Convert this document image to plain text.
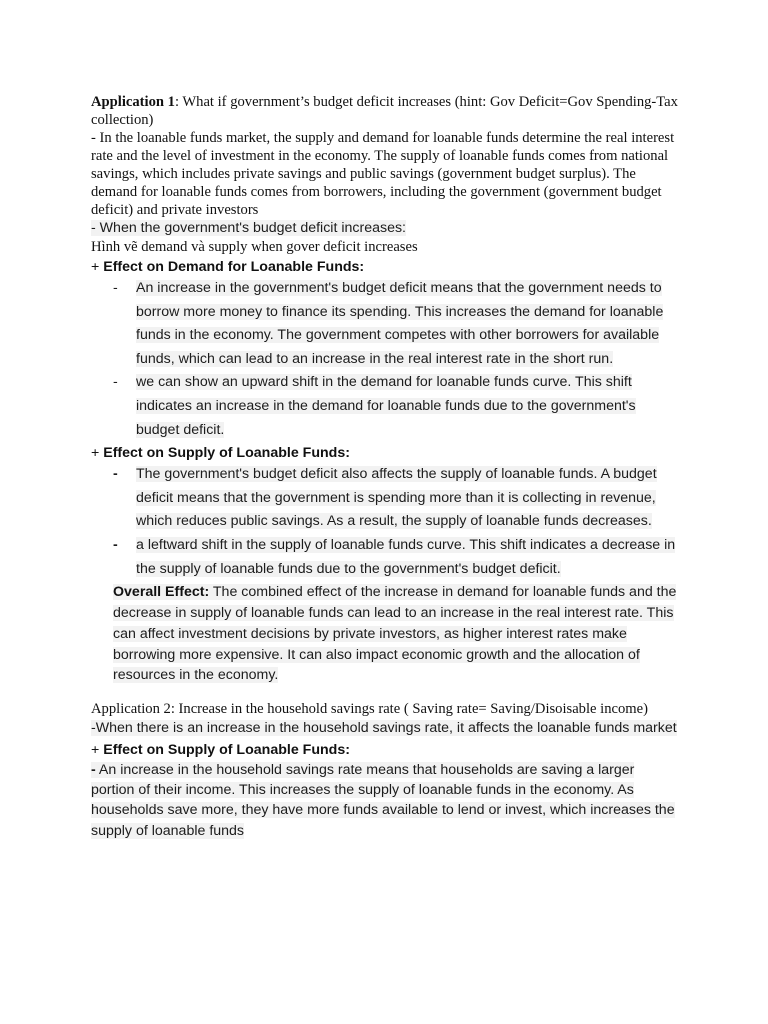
Application 1: What if government’s budget deficit increases (hint: Gov Deficit=Gov Spending-Tax collection)

- In the loanable funds market, the supply and demand for loanable funds determine the real interest rate and the level of investment in the economy. The supply of loanable funds comes from national savings, which includes private savings and public savings (government budget surplus). The demand for loanable funds comes from borrowers, including the government (government budget deficit) and private investors

- When the government's budget deficit increases:

Hình vẽ demand và supply when gover deficit increases

+ Effect on Demand for Loanable Funds:

- An increase in the government's budget deficit means that the government needs to borrow more money to finance its spending. This increases the demand for loanable funds in the economy. The government competes with other borrowers for available funds, which can lead to an increase in the real interest rate in the short run.
- we can show an upward shift in the demand for loanable funds curve. This shift indicates an increase in the demand for loanable funds due to the government's budget deficit.

+ Effect on Supply of Loanable Funds:

- The government's budget deficit also affects the supply of loanable funds. A budget deficit means that the government is spending more than it is collecting in revenue, which reduces public savings. As a result, the supply of loanable funds decreases.
- a leftward shift in the supply of loanable funds curve. This shift indicates a decrease in the supply of loanable funds due to the government's budget deficit.

Overall Effect: The combined effect of the increase in demand for loanable funds and the decrease in supply of loanable funds can lead to an increase in the real interest rate. This can affect investment decisions by private investors, as higher interest rates make borrowing more expensive. It can also impact economic growth and the allocation of resources in the economy.

Application 2: Increase in the household savings rate ( Saving rate= Saving/Disoisable income)

-When there is an increase in the household savings rate, it affects the loanable funds market

+ Effect on Supply of Loanable Funds:

- An increase in the household savings rate means that households are saving a larger portion of their income. This increases the supply of loanable funds in the economy. As households save more, they have more funds available to lend or invest, which increases the supply of loanable funds
